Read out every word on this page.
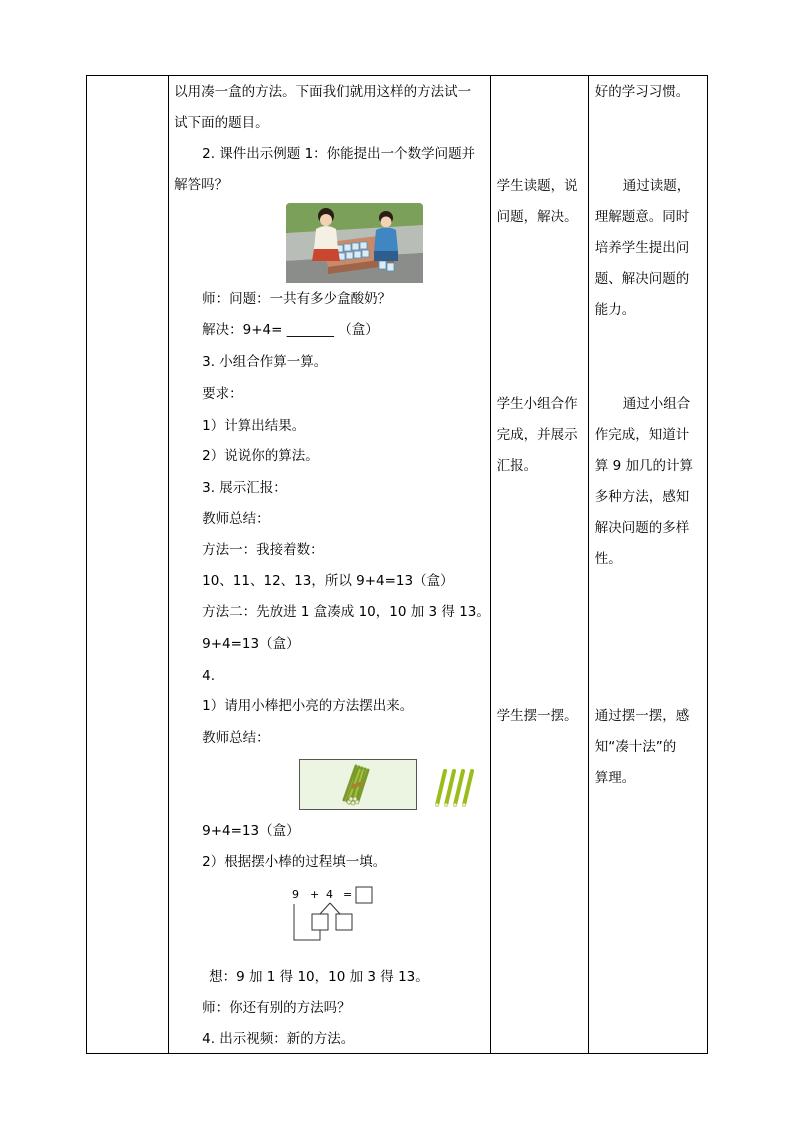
以用凑一盒的方法。下面我们就用这样的方法试一
试下面的题目。
2. 课件出示例题 1：你能提出一个数学问题并
解答吗？
师：问题：一共有多少盒酸奶？
解决：9+4= _______ （盒）
3. 小组合作算一算。
要求：
1）计算出结果。
2）说说你的算法。
3. 展示汇报：
教师总结：
方法一：我接着数：
10、11、12、13，所以 9+4=13（盒）
方法二：先放进 1 盒凑成 10，10 加 3 得 13。
9+4=13（盒）
4.
1）请用小棒把小亮的方法摆出来。
教师总结：
9+4=13（盒）
2）根据摆小棒的过程填一填。
9 + 4 =
想：9 加 1 得 10，10 加 3 得 13。
师：你还有别的方法吗？
4. 出示视频：新的方法。

学生读题，说
问题，解决。
学生小组合作
完成，并展示
汇报。
学生摆一摆。

好的学习习惯。
通过读题，
理解题意。同时
培养学生提出问
题、解决问题的
能力。
通过小组合
作完成，知道计
算 9 加几的计算
多种方法，感知
解决问题的多样
性。
通过摆一摆，感
知“凑十法”的
算理。
